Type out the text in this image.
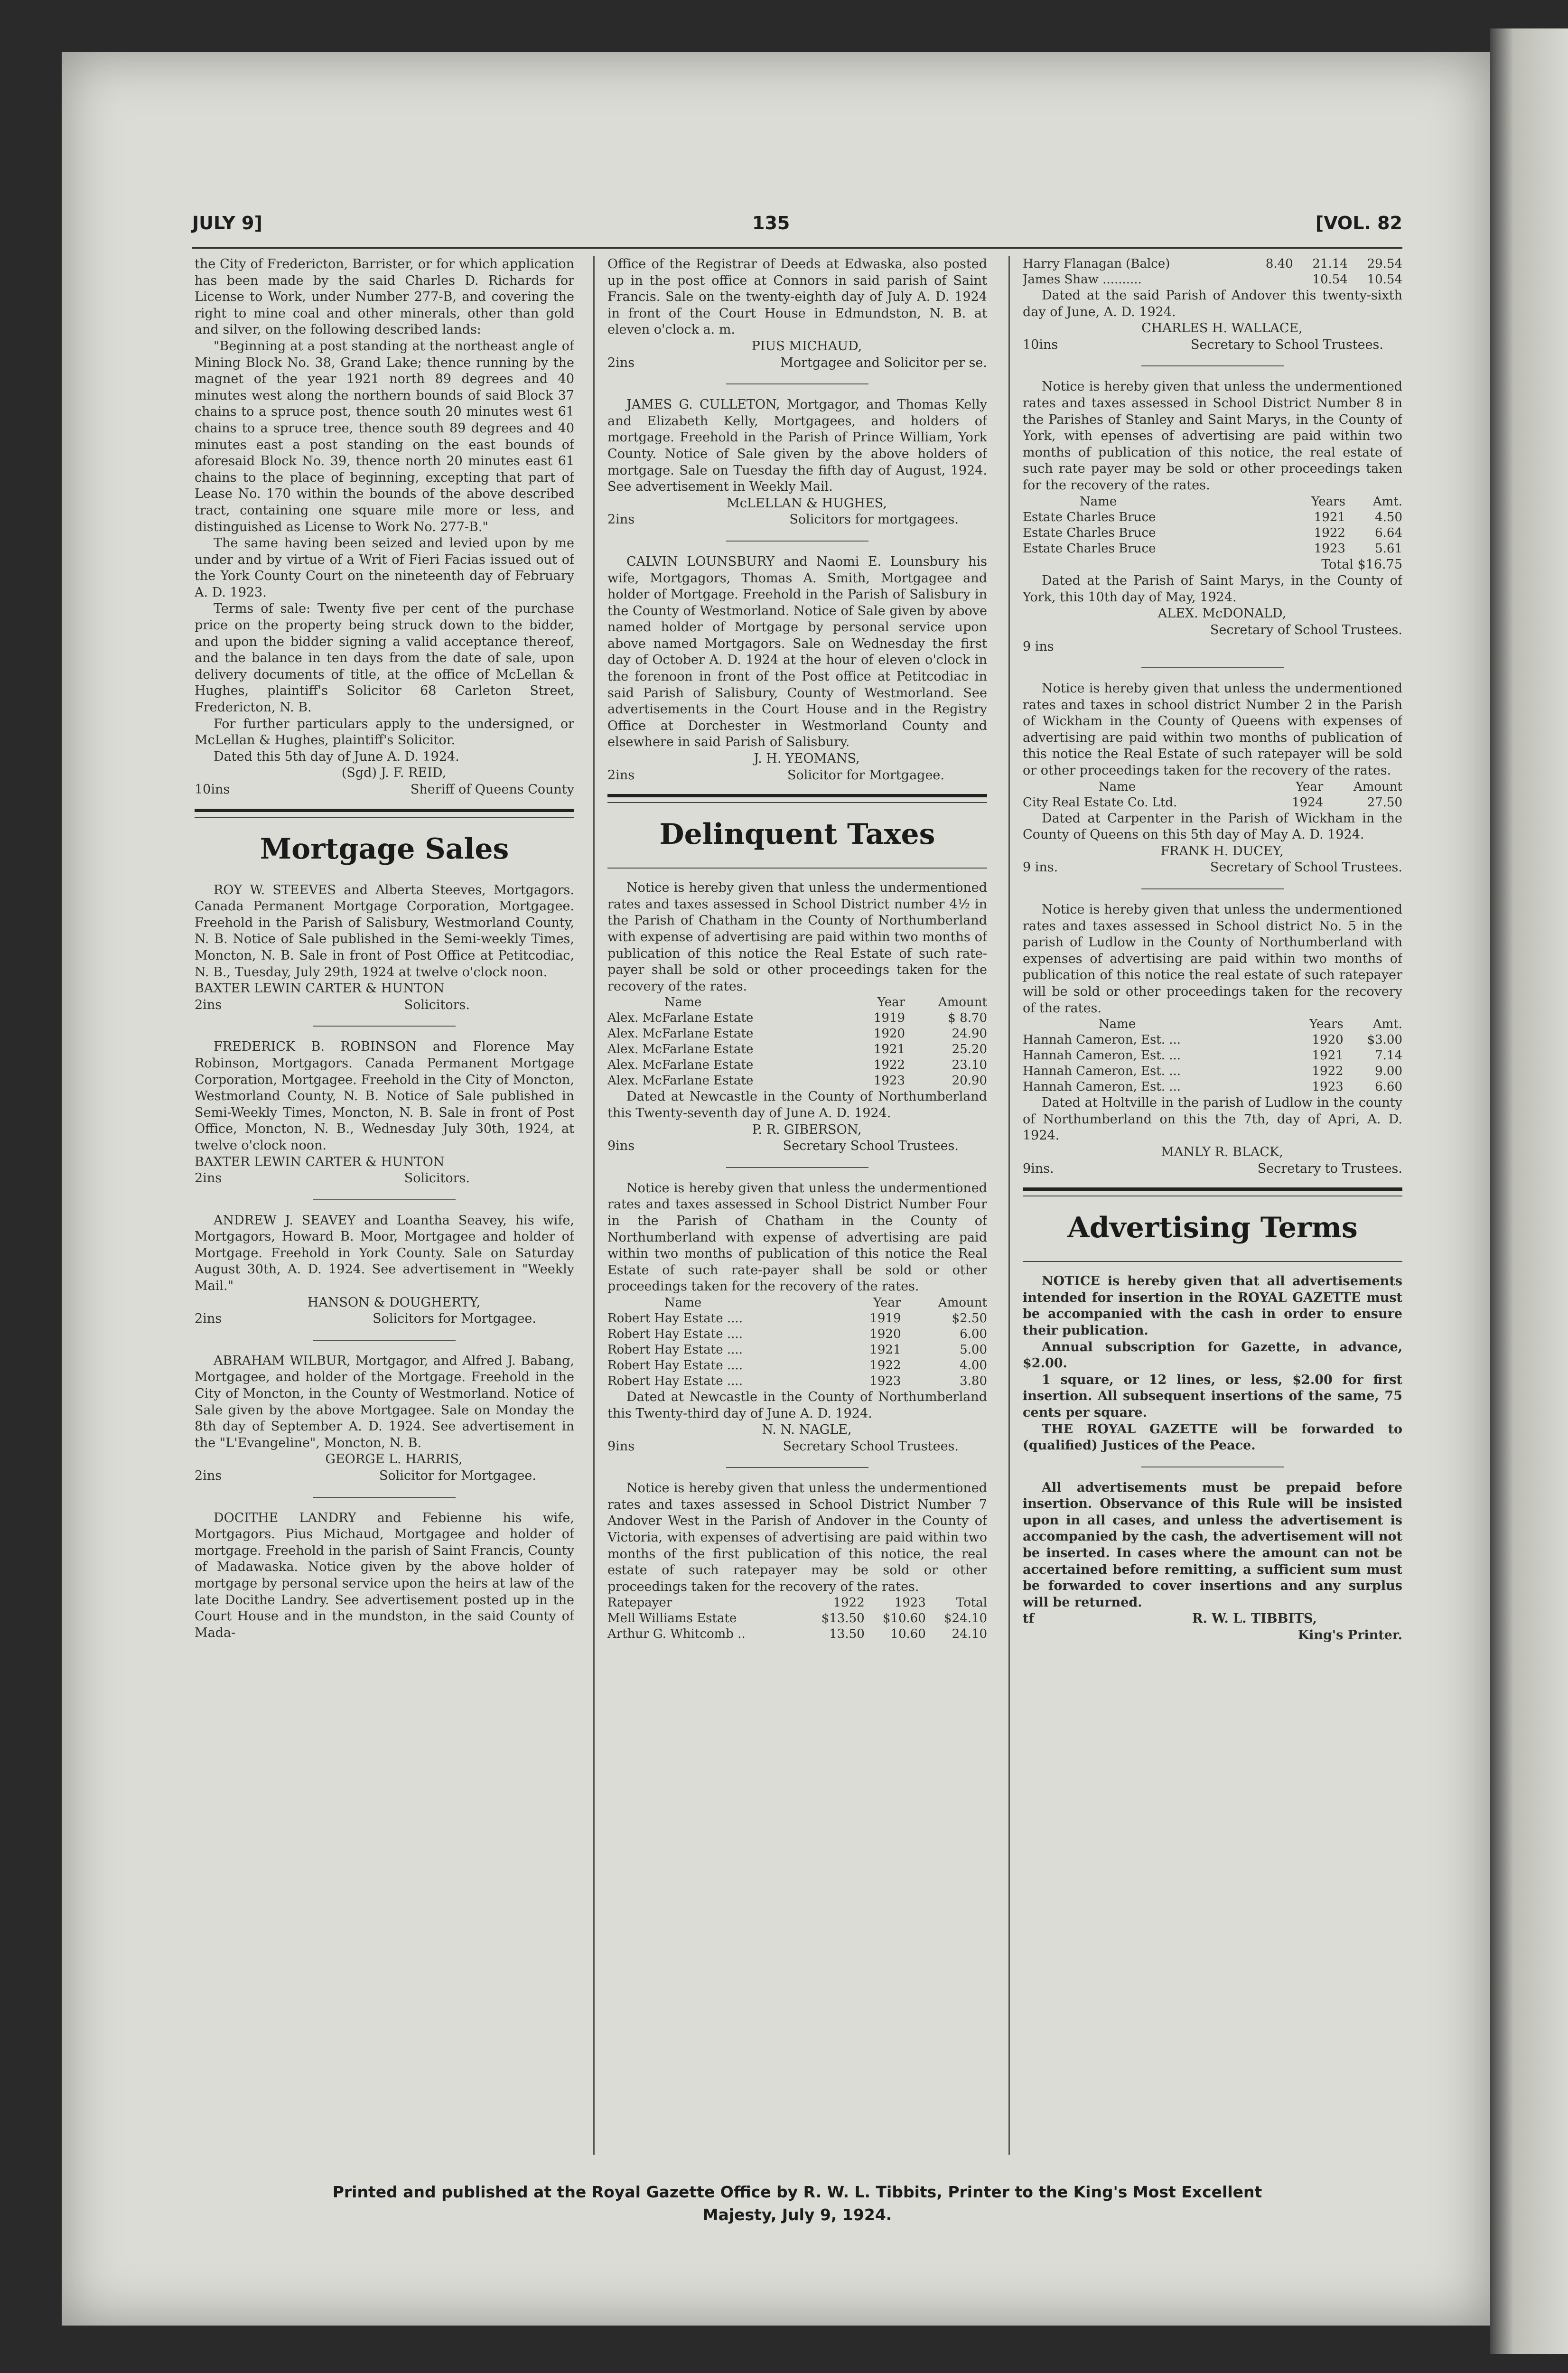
JULY 9]	135	[VOL. 82

the City of Fredericton, Barrister, or for which application has been made by the said Charles D. Richards for License to Work, under Number 277-B, and covering the right to mine coal and other minerals, other than gold and silver, on the following described lands:

"Beginning at a post standing at the northeast angle of Mining Block No. 38, Grand Lake; thence running by the magnet of the year 1921 north 89 degrees and 40 minutes west along the northern bounds of said Block 37 chains to a spruce post, thence south 20 minutes west 61 chains to a spruce tree, thence south 89 degrees and 40 minutes east a post standing on the east bounds of aforesaid Block No. 39, thence north 20 minutes east 61 chains to the place of beginning, excepting that part of Lease No. 170 within the bounds of the above described tract, containing one square mile more or less, and distinguished as License to Work No. 277-B."

The same having been seized and levied upon by me under and by virtue of a Writ of Fieri Facias issued out of the York County Court on the nineteenth day of February A. D. 1923.

Terms of sale: Twenty five per cent of the purchase price on the property being struck down to the bidder, and upon the bidder signing a valid acceptance thereof, and the balance in ten days from the date of sale, upon delivery documents of title, at the office of McLellan & Hughes, plaintiff's Solicitor 68 Carleton Street, Fredericton, N. B.

For further particulars apply to the undersigned, or McLellan & Hughes, plaintiff's Solicitor.

Dated this 5th day of June A. D. 1924.

(Sgd) J. F. REID,

10ins	Sheriff of Queens County
Mortgage Sales

ROY W. STEEVES and Alberta Steeves, Mortgagors. Canada Permanent Mortgage Corporation, Mortgagee. Freehold in the Parish of Salisbury, Westmorland County, N. B. Notice of Sale published in the Semi-weekly Times, Moncton, N. B. Sale in front of Post Office at Petitcodiac, N. B., Tuesday, July 29th, 1924 at twelve o'clock noon.

BAXTER LEWIN CARTER & HUNTON

2ins	Solicitors.

FREDERICK B. ROBINSON and Florence May Robinson, Mortgagors. Canada Permanent Mortgage Corporation, Mortgagee. Freehold in the City of Moncton, Westmorland County, N. B. Notice of Sale published in Semi-Weekly Times, Moncton, N. B. Sale in front of Post Office, Moncton, N. B., Wednesday July 30th, 1924, at twelve o'clock noon.

BAXTER LEWIN CARTER & HUNTON

2ins	Solicitors.

ANDREW J. SEAVEY and Loantha Seavey, his wife, Mortgagors, Howard B. Moor, Mortgagee and holder of Mortgage. Freehold in York County. Sale on Saturday August 30th, A. D. 1924. See advertisement in "Weekly Mail."

HANSON & DOUGHERTY,

2ins	Solicitors for Mortgagee.

ABRAHAM WILBUR, Mortgagor, and Alfred J. Babang, Mortgagee, and holder of the Mortgage. Freehold in the City of Moncton, in the County of Westmorland. Notice of Sale given by the above Mortgagee. Sale on Monday the 8th day of September A. D. 1924. See advertisement in the "L'Evangeline", Moncton, N. B.

GEORGE L. HARRIS,

2ins	Solicitor for Mortgagee.

DOCITHE LANDRY and Febienne his wife, Mortgagors. Pius Michaud, Mortgagee and holder of mortgage. Freehold in the parish of Saint Francis, County of Madawaska. Notice given by the above holder of mortgage by personal service upon the heirs at law of the late Docithe Landry. See advertisement posted up in the Court House and in the mundston, in the said County of Mada-

Office of the Registrar of Deeds at Edwaska, also posted up in the post office at Connors in said parish of Saint Francis. Sale on the twenty-eighth day of July A. D. 1924 in front of the Court House in Edmundston, N. B. at eleven o'clock a. m.

PIUS MICHAUD,

2ins	Mortgagee and Solicitor per se.

JAMES G. CULLETON, Mortgagor, and Thomas Kelly and Elizabeth Kelly, Mortgagees, and holders of mortgage. Freehold in the Parish of Prince William, York County. Notice of Sale given by the above holders of mortgage. Sale on Tuesday the fifth day of August, 1924. See advertisement in Weekly Mail.

McLELLAN & HUGHES,

2ins	Solicitors for mortgagees.

CALVIN LOUNSBURY and Naomi E. Lounsbury his wife, Mortgagors, Thomas A. Smith, Mortgagee and holder of Mortgage. Freehold in the Parish of Salisbury in the County of Westmorland. Notice of Sale given by above named holder of Mortgage by personal service upon above named Mortgagors. Sale on Wednesday the first day of October A. D. 1924 at the hour of eleven o'clock in the forenoon in front of the Post office at Petitcodiac in said Parish of Salisbury, County of Westmorland. See advertisements in the Court House and in the Registry Office at Dorchester in Westmorland County and elsewhere in said Parish of Salisbury.

J. H. YEOMANS,

2ins	Solicitor for Mortgagee.
Delinquent Taxes

Notice is hereby given that unless the undermentioned rates and taxes assessed in School District number 4½ in the Parish of Chatham in the County of Northumberland with expense of advertising are paid within two months of publication of this notice the Real Estate of such rate-payer shall be sold or other proceedings taken for the recovery of the rates.

Name	Year	Amount
Alex. McFarlane Estate	1919	$ 8.70
Alex. McFarlane Estate	1920	24.90
Alex. McFarlane Estate	1921	25.20
Alex. McFarlane Estate	1922	23.10
Alex. McFarlane Estate	1923	20.90

Dated at Newcastle in the County of Northumberland this Twenty-seventh day of June A. D. 1924.

P. R. GIBERSON,

9ins	Secretary School Trustees.

Notice is hereby given that unless the undermentioned rates and taxes assessed in School District Number Four in the Parish of Chatham in the County of Northumberland with expense of advertising are paid within two months of publication of this notice the Real Estate of such rate-payer shall be sold or other proceedings taken for the recovery of the rates.

Name	Year	Amount
Robert Hay Estate ....	1919	$2.50
Robert Hay Estate ....	1920	6.00
Robert Hay Estate ....	1921	5.00
Robert Hay Estate ....	1922	4.00
Robert Hay Estate ....	1923	3.80

Dated at Newcastle in the County of Northumberland this Twenty-third day of June A. D. 1924.

N. N. NAGLE,

9ins	Secretary School Trustees.

Notice is hereby given that unless the undermentioned rates and taxes assessed in School District Number 7 Andover West in the Parish of Andover in the County of Victoria, with expenses of advertising are paid within two months of the first publication of this notice, the real estate of such ratepayer may be sold or other proceedings taken for the recovery of the rates.

Ratepayer	1922	1923	Total
Mell Williams Estate	$13.50	$10.60	$24.10
Arthur G. Whitcomb ..	13.50	10.60	24.10
Harry Flanagan (Balce)	8.40	21.14	29.54
James Shaw ..........		10.54	10.54

Dated at the said Parish of Andover this twenty-sixth day of June, A. D. 1924.

CHARLES H. WALLACE,

10ins	Secretary to School Trustees.

Notice is hereby given that unless the undermentioned rates and taxes assessed in School District Number 8 in the Parishes of Stanley and Saint Marys, in the County of York, with epenses of advertising are paid within two months of publication of this notice, the real estate of such rate payer may be sold or other proceedings taken for the recovery of the rates.

Name	Years	Amt.
Estate Charles Bruce	1921	4.50
Estate Charles Bruce	1922	6.64
Estate Charles Bruce	1923	5.61

Total $16.75

Dated at the Parish of Saint Marys, in the County of York, this 10th day of May, 1924.

ALEX. McDONALD,

Secretary of School Trustees.

9 ins

Notice is hereby given that unless the undermentioned rates and taxes in school district Number 2 in the Parish of Wickham in the County of Queens with expenses of advertising are paid within two months of publication of this notice the Real Estate of such ratepayer will be sold or other proceedings taken for the recovery of the rates.

Name	Year	Amount
City Real Estate Co. Ltd.	1924	27.50

Dated at Carpenter in the Parish of Wickham in the County of Queens on this 5th day of May A. D. 1924.

FRANK H. DUCEY,

9 ins.	Secretary of School Trustees.

Notice is hereby given that unless the undermentioned rates and taxes assessed in School district No. 5 in the parish of Ludlow in the County of Northumberland with expenses of advertising are paid within two months of publication of this notice the real estate of such ratepayer will be sold or other proceedings taken for the recovery of the rates.

Name	Years	Amt.
Hannah Cameron, Est. ...	1920	$3.00
Hannah Cameron, Est. ...	1921	7.14
Hannah Cameron, Est. ...	1922	9.00
Hannah Cameron, Est. ...	1923	6.60

Dated at Holtville in the parish of Ludlow in the county of Northumberland on this the 7th, day of Apri, A. D. 1924.

MANLY R. BLACK,

9ins.	Secretary to Trustees.
Advertising Terms

NOTICE is hereby given that all advertisements intended for insertion in the ROYAL GAZETTE must be accompanied with the cash in order to ensure their publication.

Annual subscription for Gazette, in advance, $2.00.

1 square, or 12 lines, or less, $2.00 for first insertion. All subsequent insertions of the same, 75 cents per square.

THE ROYAL GAZETTE will be forwarded to (qualified) Justices of the Peace.

All advertisements must be prepaid before insertion. Observance of this Rule will be insisted upon in all cases, and unless the advertisement is accompanied by the cash, the advertisement will not be inserted. In cases where the amount can not be accertained before remitting, a sufficient sum must be forwarded to cover insertions and any surplus will be returned.

tf	R. W. L. TIBBITS,

King's Printer.

Printed and published at the Royal Gazette Office by R. W. L. Tibbits, Printer to the King's Most Excellent
Majesty, July 9, 1924.
